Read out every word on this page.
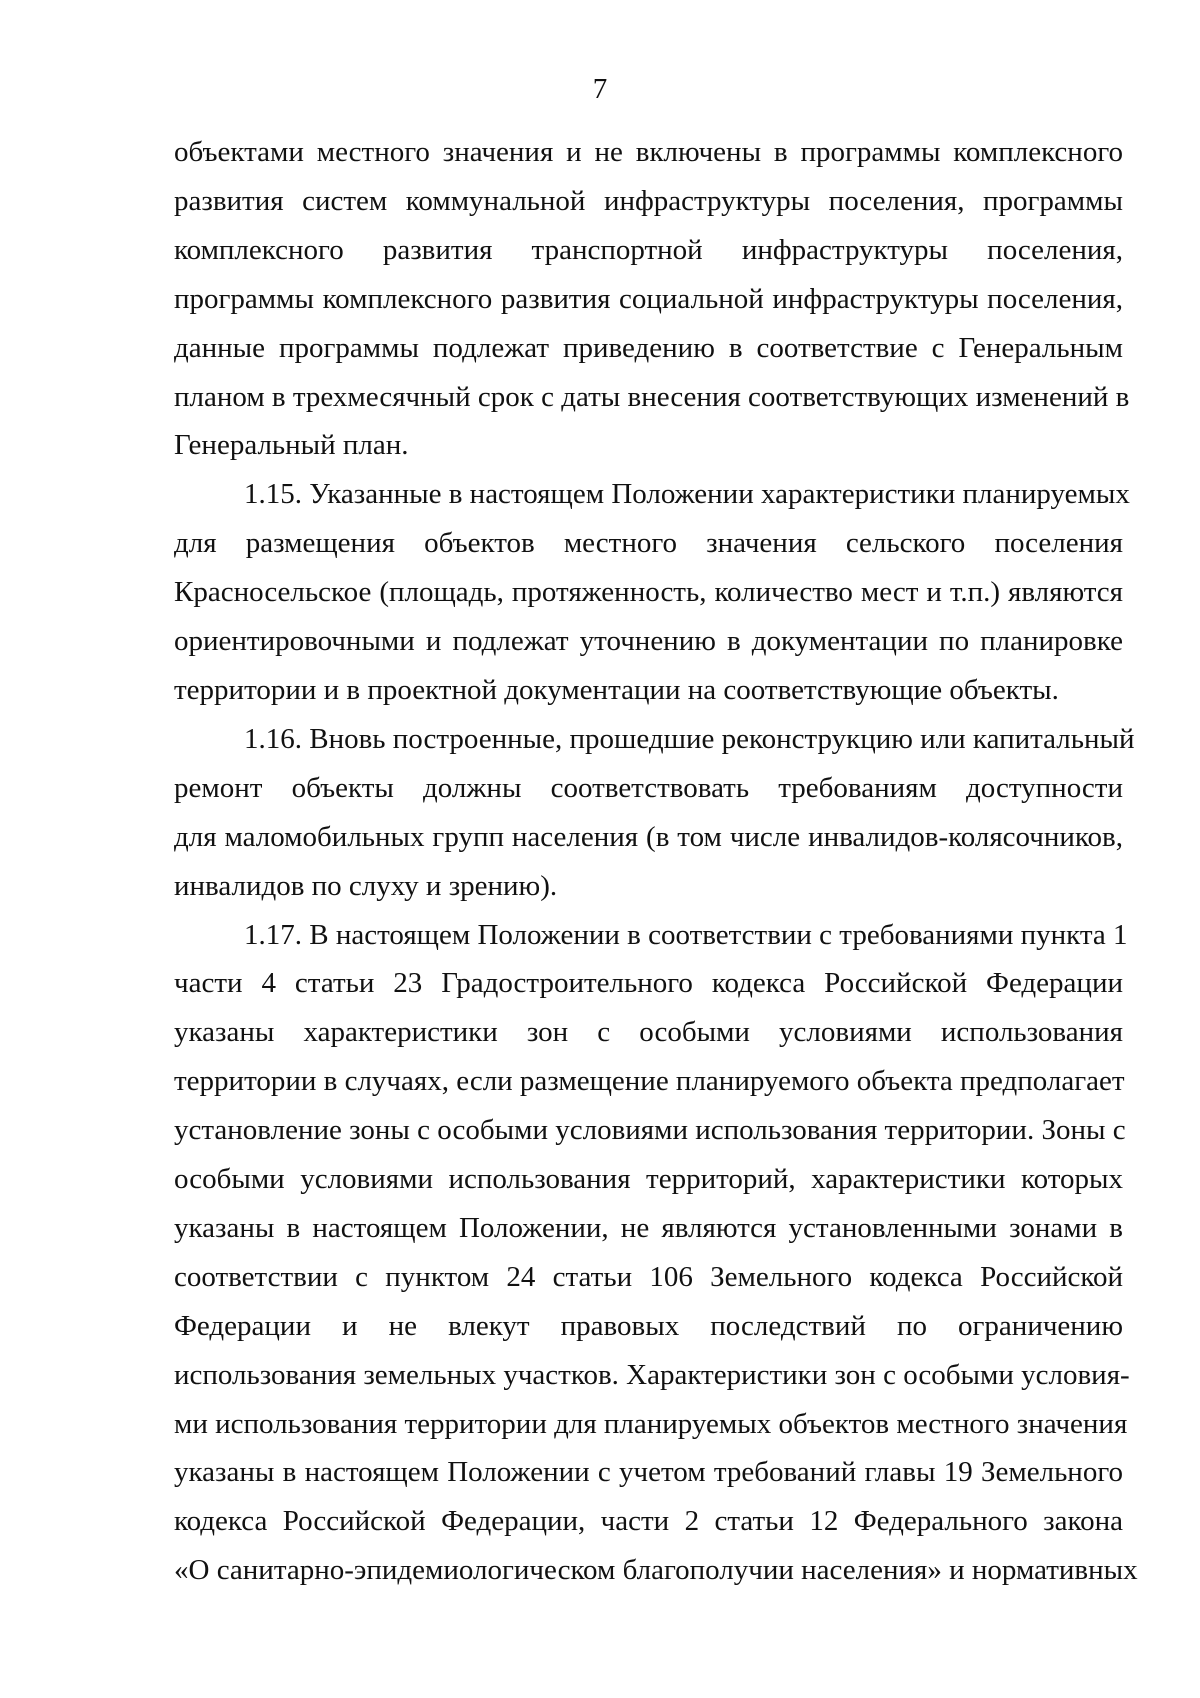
7
объектами местного значения и не включены в программы комплексного
развития систем коммунальной инфраструктуры поселения, программы
комплексного развития транспортной инфраструктуры поселения,
программы комплексного развития социальной инфраструктуры поселения,
данные программы подлежат приведению в соответствие с Генеральным
планом в трехмесячный срок с даты внесения соответствующих изменений в
Генеральный план.
1.15. Указанные в настоящем Положении характеристики планируемых
для размещения объектов местного значения сельского поселения
Красносельское (площадь, протяженность, количество мест и т.п.) являются
ориентировочными и подлежат уточнению в документации по планировке
территории и в проектной документации на соответствующие объекты.
1.16. Вновь построенные, прошедшие реконструкцию или капитальный
ремонт объекты должны соответствовать требованиям доступности
для маломобильных групп населения (в том числе инвалидов-колясочников,
инвалидов по слуху и зрению).
1.17. В настоящем Положении в соответствии с требованиями пункта 1
части 4 статьи 23 Градостроительного кодекса Российской Федерации
указаны характеристики зон с особыми условиями использования
территории в случаях, если размещение планируемого объекта предполагает
установление зоны с особыми условиями использования территории. Зоны с
особыми условиями использования территорий, характеристики которых
указаны в настоящем Положении, не являются установленными зонами в
соответствии с пунктом 24 статьи 106 Земельного кодекса Российской
Федерации и не влекут правовых последствий по ограничению
использования земельных участков. Характеристики зон с особыми условия-
ми использования территории для планируемых объектов местного значения
указаны в настоящем Положении с учетом требований главы 19 Земельного
кодекса Российской Федерации, части 2 статьи 12 Федерального закона
«О санитарно-эпидемиологическом благополучии населения» и нормативных
